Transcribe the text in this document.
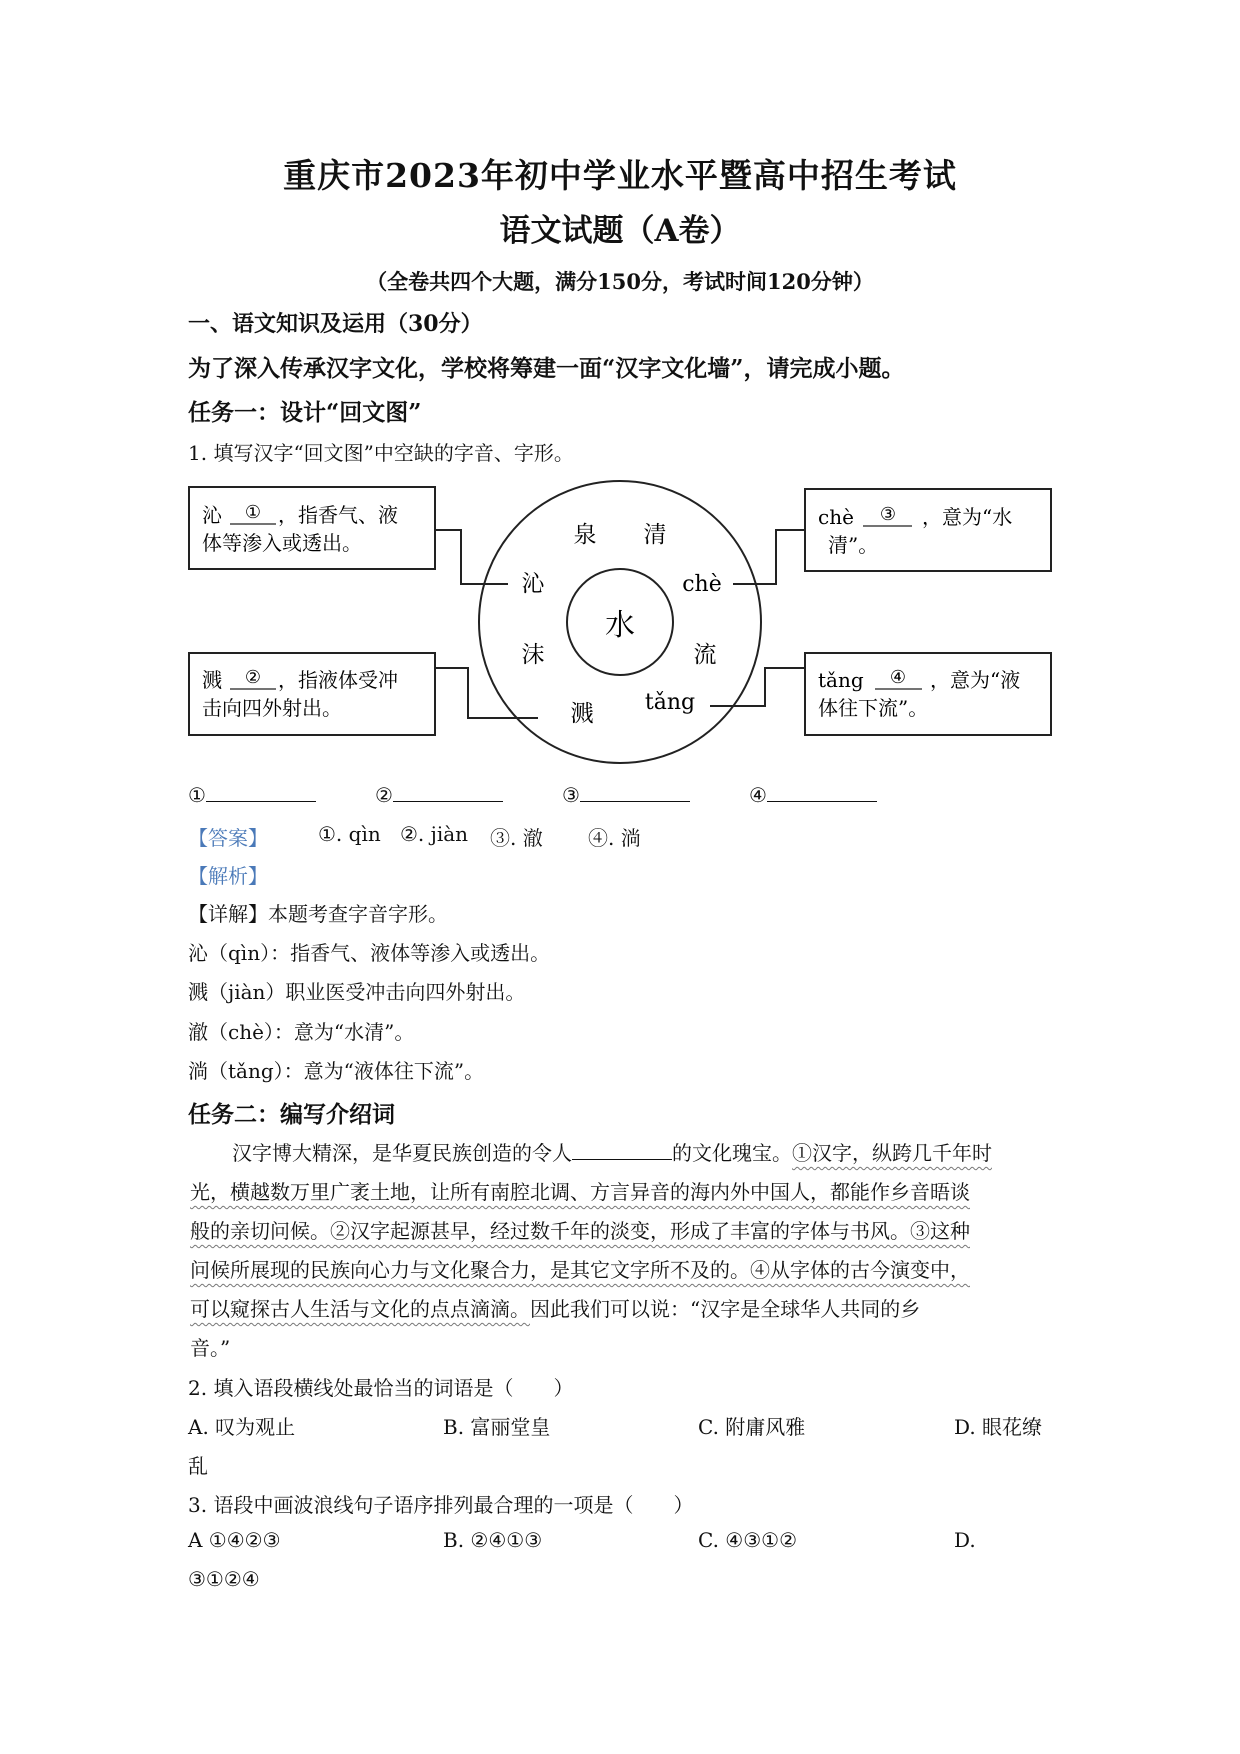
重庆市2023年初中学业水平暨高中招生考试
语文试题（A卷）
（全卷共四个大题，满分150分，考试时间120分钟）
一、语文知识及运用（30分）
为了深入传承汉字文化，学校将筹建一面“汉字文化墙”，请完成小题。
任务一：设计“回文图”
1. 填写汉字“回文图”中空缺的字音、字形。
水
泉 清
chè
流
tǎng
溅
沫
沁
沁 ① ，指香气、液
体等渗入或透出。
溅 ② ，指液体受冲
击向四外射出。
chè ③ ，意为“水
清”。
tǎng ④ ，意为“液
体往下流”。
①	②	③	④
【答案】	①. qìn ②. jiàn ③. 澈 ④. 淌
【解析】
【详解】本题考查字音字形。
沁（qìn）：指香气、液体等渗入或透出。
溅（jiàn）职业医受冲击向四外射出。
澈（chè）：意为“水清”。
淌（tǎng）：意为“液体往下流”。
任务二：编写介绍词
汉字博大精深，是华夏民族创造的令人	的文化瑰宝。①汉字，纵跨几千年时
光，横越数万里广袤土地，让所有南腔北调、方言异音的海内外中国人，都能作乡音晤谈
般的亲切问候。②汉字起源甚早，经过数千年的淡变，形成了丰富的字体与书风。③这种
问候所展现的民族向心力与文化聚合力，是其它文字所不及的。④从字体的古今演变中，
可以窥探古人生活与文化的点点滴滴。因此我们可以说：“汉字是全球华人共同的乡
音。”
2. 填入语段横线处最恰当的词语是（　　）
A. 叹为观止	B. 富丽堂皇	C. 附庸风雅	D. 眼花缭
乱
3. 语段中画波浪线句子语序排列最合理的一项是（　　）
A ①④②③	B. ②④①③	C. ④③①②	D.
③①②④
